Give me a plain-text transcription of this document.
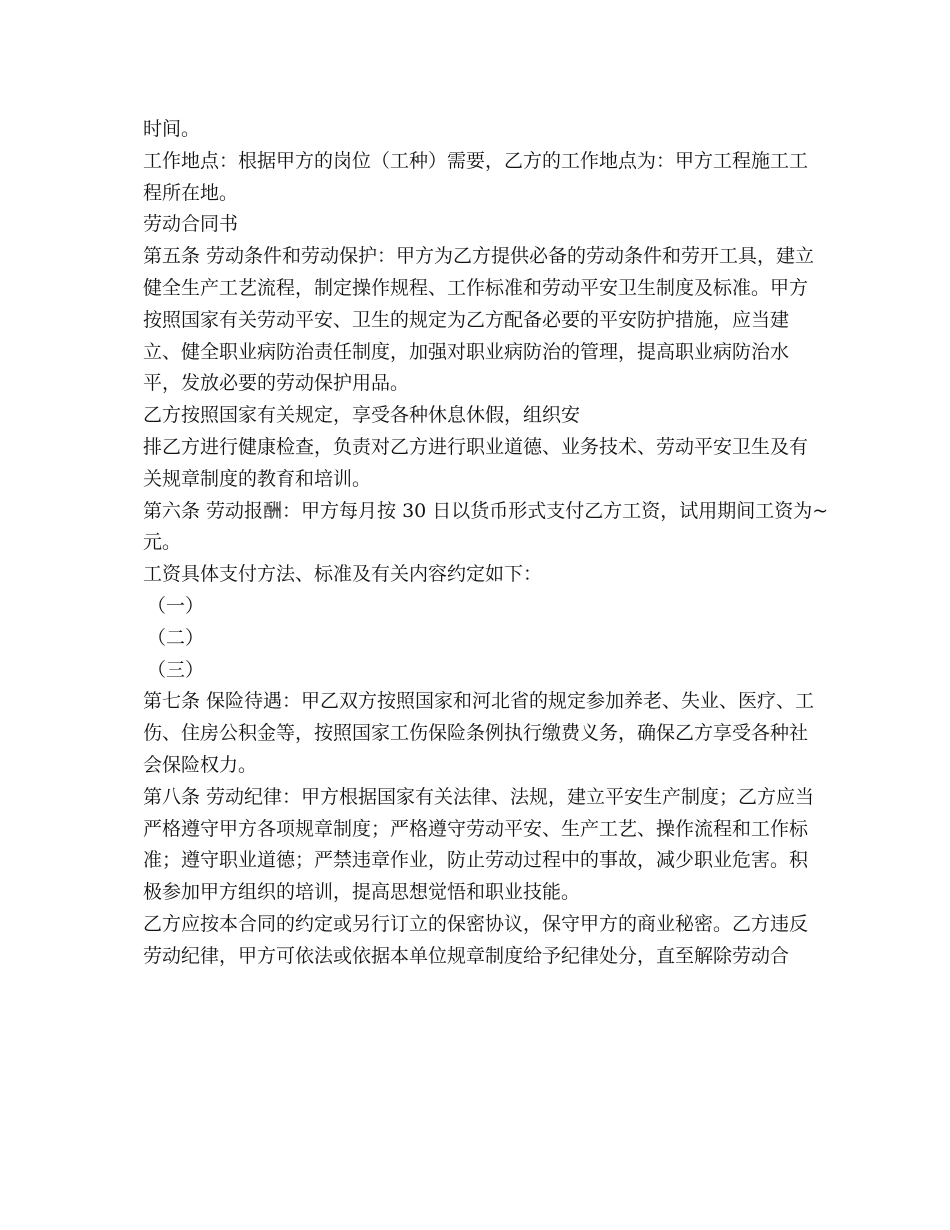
时间。
工作地点：根据甲方的岗位（工种）需要，乙方的工作地点为：甲方工程施工工
程所在地。
劳动合同书
第五条 劳动条件和劳动保护：甲方为乙方提供必备的劳动条件和劳开工具，建立
健全生产工艺流程，制定操作规程、工作标准和劳动平安卫生制度及标准。甲方
按照国家有关劳动平安、卫生的规定为乙方配备必要的平安防护措施，应当建
立、健全职业病防治责任制度，加强对职业病防治的管理，提高职业病防治水
平，发放必要的劳动保护用品。
乙方按照国家有关规定，享受各种休息休假，组织安
排乙方进行健康检查，负责对乙方进行职业道德、业务技术、劳动平安卫生及有
关规章制度的教育和培训。
第六条 劳动报酬：甲方每月按 30 日以货币形式支付乙方工资，试用期间工资为~
元。
工资具体支付方法、标准及有关内容约定如下：
（一）
（二）
（三）
第七条 保险待遇：甲乙双方按照国家和河北省的规定参加养老、失业、医疗、工
伤、住房公积金等，按照国家工伤保险条例执行缴费义务，确保乙方享受各种社
会保险权力。
第八条 劳动纪律：甲方根据国家有关法律、法规，建立平安生产制度；乙方应当
严格遵守甲方各项规章制度；严格遵守劳动平安、生产工艺、操作流程和工作标
准；遵守职业道德；严禁违章作业，防止劳动过程中的事故，减少职业危害。积
极参加甲方组织的培训，提高思想觉悟和职业技能。
乙方应按本合同的约定或另行订立的保密协议，保守甲方的商业秘密。乙方违反
劳动纪律，甲方可依法或依据本单位规章制度给予纪律处分，直至解除劳动合
